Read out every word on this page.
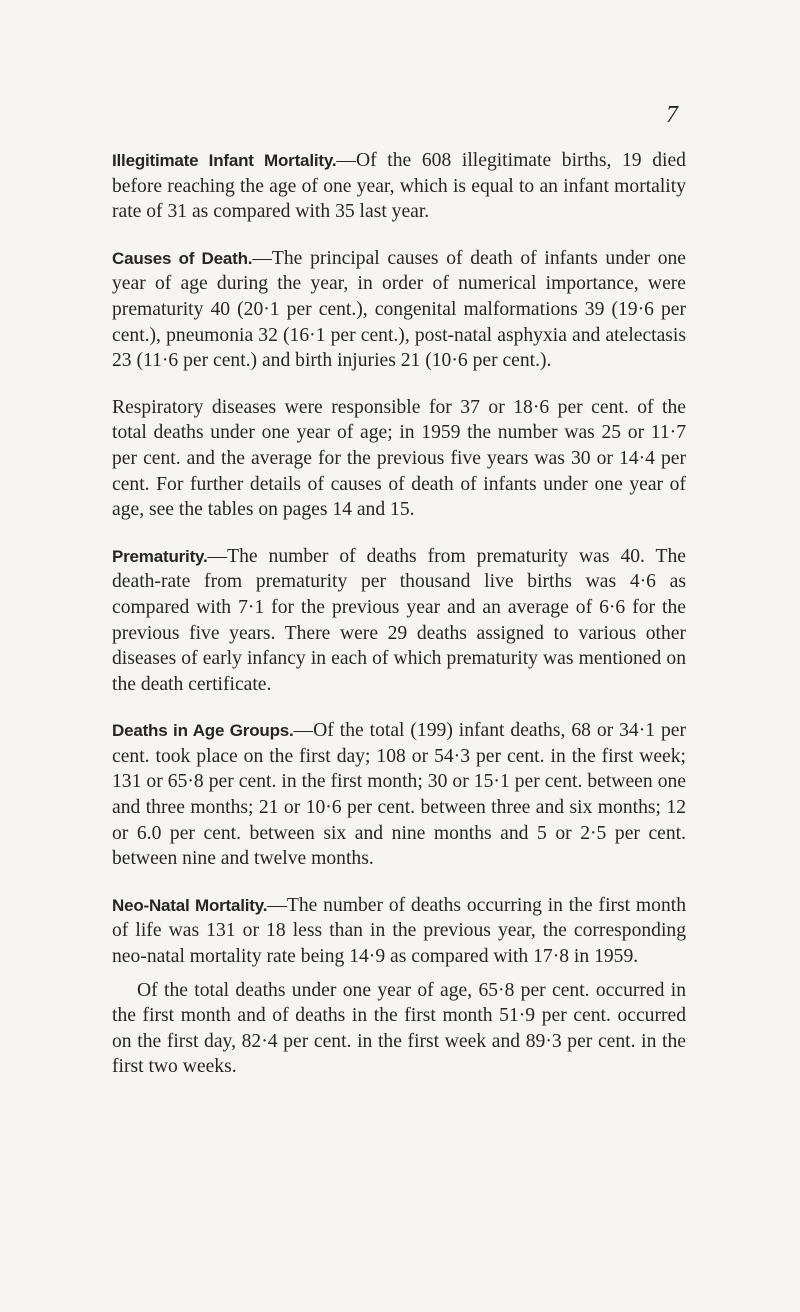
7

Illegitimate Infant Mortality.—Of the 608 illegitimate births, 19 died before reaching the age of one year, which is equal to an infant mortality rate of 31 as compared with 35 last year.

Causes of Death.—The principal causes of death of infants under one year of age during the year, in order of numerical importance, were prematurity 40 (20·1 per cent.), congenital malformations 39 (19·6 per cent.), pneumonia 32 (16·1 per cent.), post-natal asphyxia and atelectasis 23 (11·6 per cent.) and birth injuries 21 (10·6 per cent.).

Respiratory diseases were responsible for 37 or 18·6 per cent. of the total deaths under one year of age; in 1959 the number was 25 or 11·7 per cent. and the average for the previous five years was 30 or 14·4 per cent. For further details of causes of death of infants under one year of age, see the tables on pages 14 and 15.

Prematurity.—The number of deaths from prematurity was 40. The death-rate from prematurity per thousand live births was 4·6 as compared with 7·1 for the previous year and an average of 6·6 for the previous five years. There were 29 deaths assigned to various other diseases of early infancy in each of which prematurity was mentioned on the death certificate.

Deaths in Age Groups.—Of the total (199) infant deaths, 68 or 34·1 per cent. took place on the first day; 108 or 54·3 per cent. in the first week; 131 or 65·8 per cent. in the first month; 30 or 15·1 per cent. between one and three months; 21 or 10·6 per cent. between three and six months; 12 or 6.0 per cent. between six and nine months and 5 or 2·5 per cent. between nine and twelve months.

Neo-Natal Mortality.—The number of deaths occurring in the first month of life was 131 or 18 less than in the previous year, the corresponding neo-natal mortality rate being 14·9 as compared with 17·8 in 1959.

Of the total deaths under one year of age, 65·8 per cent. occurred in the first month and of deaths in the first month 51·9 per cent. occurred on the first day, 82·4 per cent. in the first week and 89·3 per cent. in the first two weeks.
